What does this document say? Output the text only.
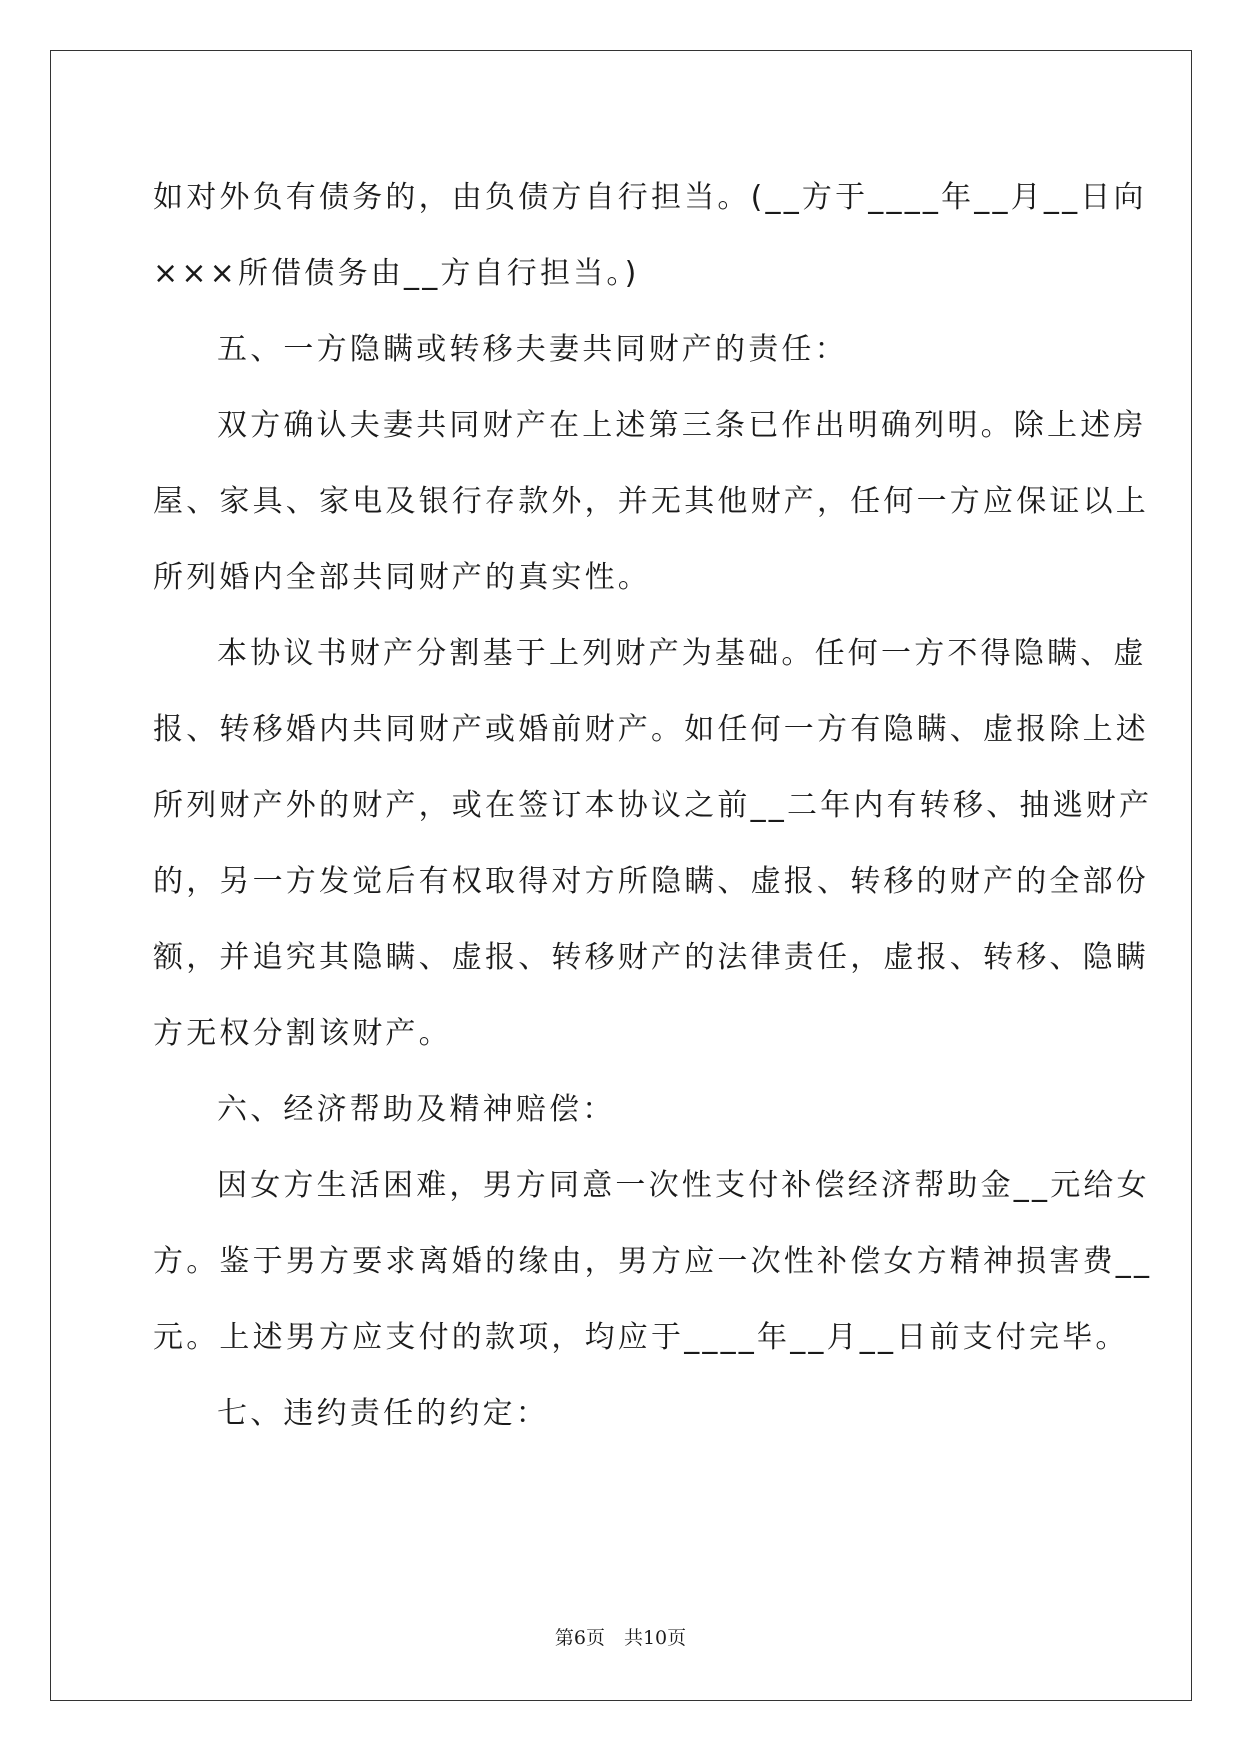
如对外负有债务的，由负债方自行担当。(__方于____年__月__日向
×××所借债务由__方自行担当。)
五、一方隐瞒或转移夫妻共同财产的责任：
双方确认夫妻共同财产在上述第三条已作出明确列明。除上述房
屋、家具、家电及银行存款外，并无其他财产，任何一方应保证以上
所列婚内全部共同财产的真实性。
本协议书财产分割基于上列财产为基础。任何一方不得隐瞒、虚
报、转移婚内共同财产或婚前财产。如任何一方有隐瞒、虚报除上述
所列财产外的财产，或在签订本协议之前__二年内有转移、抽逃财产
的，另一方发觉后有权取得对方所隐瞒、虚报、转移的财产的全部份
额，并追究其隐瞒、虚报、转移财产的法律责任，虚报、转移、隐瞒
方无权分割该财产。
六、经济帮助及精神赔偿：
因女方生活困难，男方同意一次性支付补偿经济帮助金__元给女
方。鉴于男方要求离婚的缘由，男方应一次性补偿女方精神损害费__
元。上述男方应支付的款项，均应于____年__月__日前支付完毕。
七、违约责任的约定：
第6页　共10页
